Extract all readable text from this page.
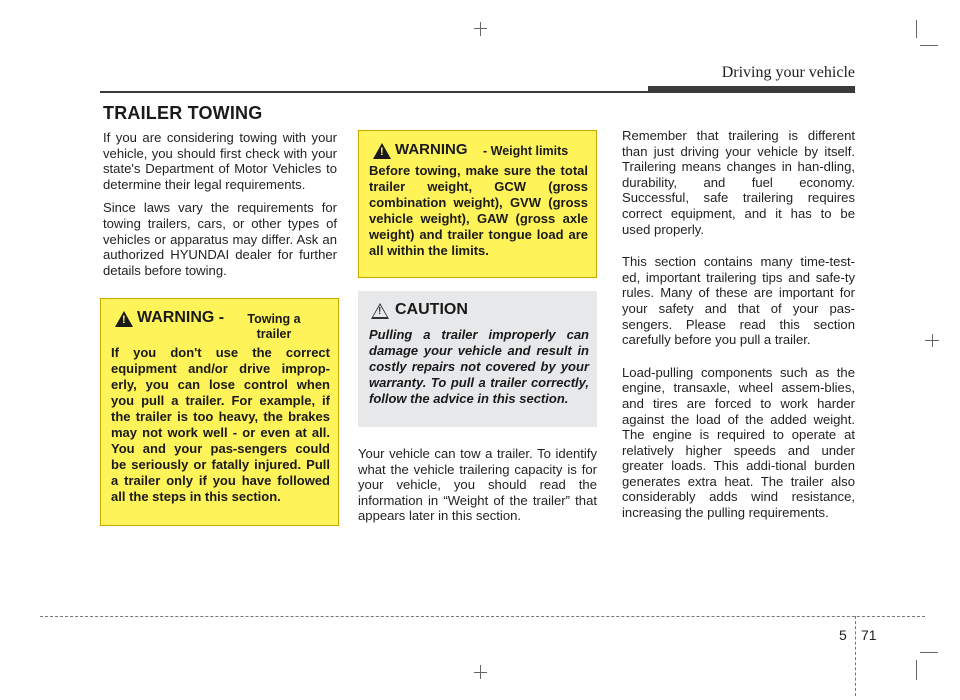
Driving your vehicle
TRAILER TOWING

If you are considering towing with your vehicle, you should first check with your state's Department of Motor Vehicles to determine their legal requirements.

Since laws vary the requirements for towing trailers, cars, or other types of vehicles or apparatus may differ. Ask an authorized HYUNDAI dealer for further details before towing.

!
WARNING -	Towing a trailer
If you don't use the correct equipment and/or drive improp-erly, you can lose control when you pull a trailer. For example, if the trailer is too heavy, the brakes may not work well - or even at all. You and your pas-sengers could be seriously or fatally injured. Pull a trailer only if you have followed all the steps in this section.
!
WARNING - Weight limits
Before towing, make sure the total trailer weight, GCW (gross combination weight), GVW (gross vehicle weight), GAW (gross axle weight) and trailer tongue load are all within the limits.
!
CAUTION
Pulling a trailer improperly can damage your vehicle and result in costly repairs not covered by your warranty. To pull a trailer correctly, follow the advice in this section.

Your vehicle can tow a trailer. To identify what the vehicle trailering capacity is for your vehicle, you should read the information in “Weight of the trailer” that appears later in this section.

Remember that trailering is different than just driving your vehicle by itself. Trailering means changes in han-dling, durability, and fuel economy. Successful, safe trailering requires correct equipment, and it has to be used properly.

This section contains many time-test-ed, important trailering tips and safe-ty rules. Many of these are important for your safety and that of your pas-sengers. Please read this section carefully before you pull a trailer.

Load-pulling components such as the engine, transaxle, wheel assem-blies, and tires are forced to work harder against the load of the added weight. The engine is required to operate at relatively higher speeds and under greater loads. This addi-tional burden generates extra heat. The trailer also considerably adds wind resistance, increasing the pulling requirements.

5 71
